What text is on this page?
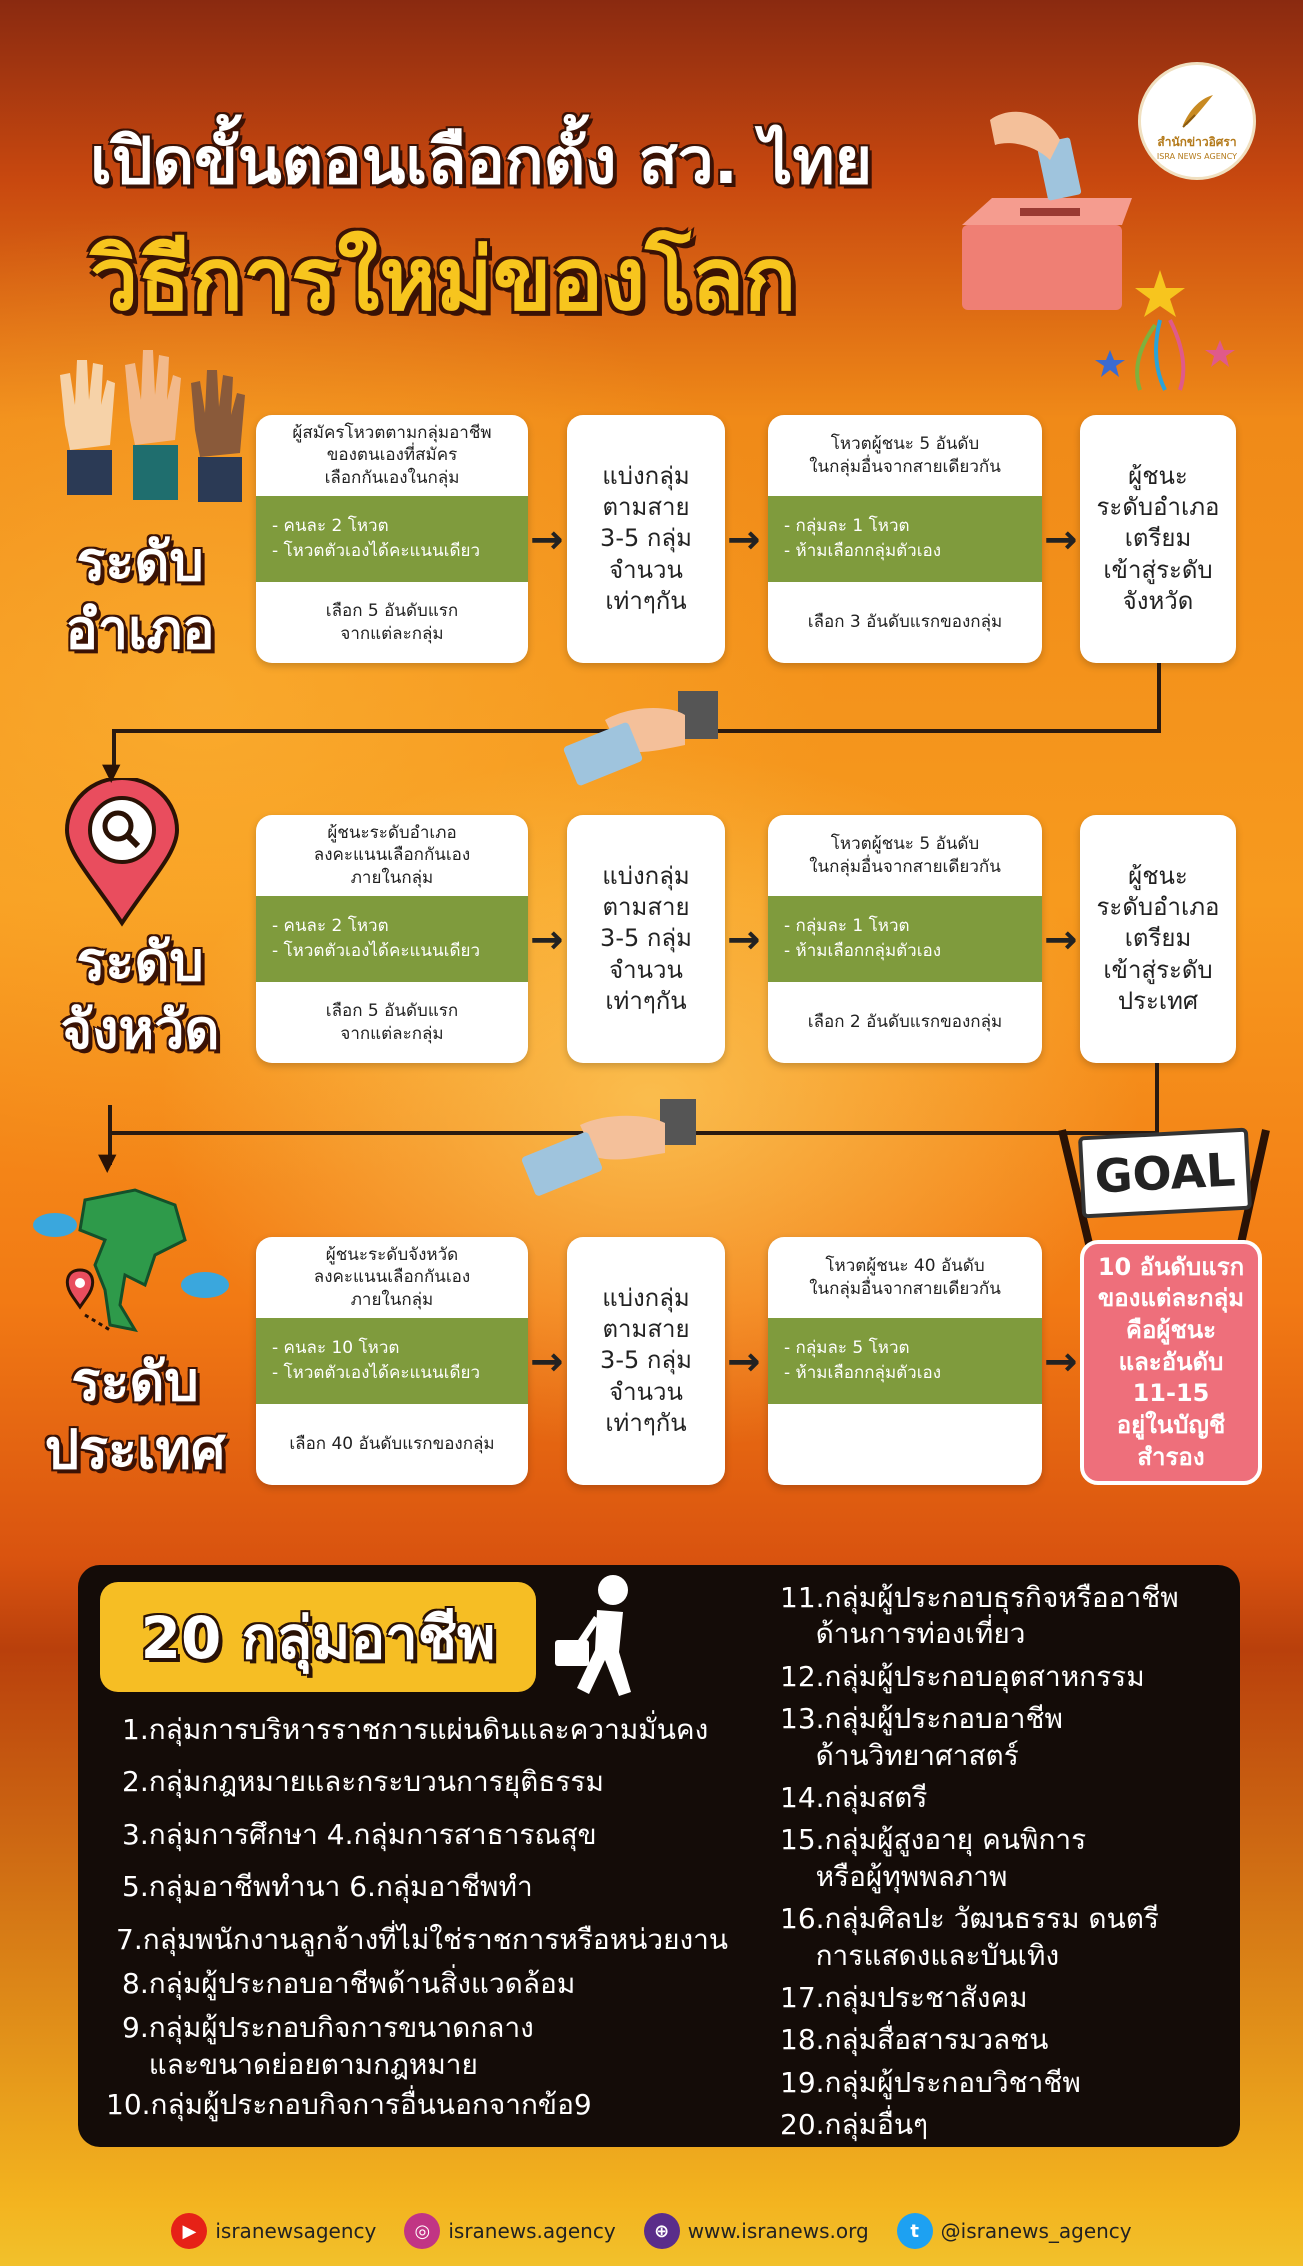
เปิดขั้นตอนเลือกตั้ง สว. ไทย
วิธีการใหม่ของโลก
สำนักข่าวอิศรา
ISRA NEWS AGENCY
ระดับ
อำเภอ
ระดับ
จังหวัด
ระดับ
ประเทศ
ผู้สมัครโหวตตามกลุ่มอาชีพ
ของตนเองที่สมัคร
เลือกกันเองในกลุ่ม
- คนละ 2 โหวต
- โหวตตัวเองได้คะแนนเดียว
เลือก 5 อันดับแรก
จากแต่ละกลุ่ม
→
แบ่งกลุ่ม
ตามสาย
3-5 กลุ่ม
จำนวน
เท่าๆกัน
→
โหวตผู้ชนะ 5 อันดับ
ในกลุ่มอื่นจากสายเดียวกัน
- กลุ่มละ 1 โหวต
- ห้ามเลือกกลุ่มตัวเอง
เลือก 3 อันดับแรกของกลุ่ม
→
ผู้ชนะ
ระดับอำเภอ
เตรียม
เข้าสู่ระดับ
จังหวัด
▼
ผู้ชนะระดับอำเภอ
ลงคะแนนเลือกกันเอง
ภายในกลุ่ม
- คนละ 2 โหวต
- โหวตตัวเองได้คะแนนเดียว
เลือก 5 อันดับแรก
จากแต่ละกลุ่ม
→
แบ่งกลุ่ม
ตามสาย
3-5 กลุ่ม
จำนวน
เท่าๆกัน
→
โหวตผู้ชนะ 5 อันดับ
ในกลุ่มอื่นจากสายเดียวกัน
- กลุ่มละ 1 โหวต
- ห้ามเลือกกลุ่มตัวเอง
เลือก 2 อันดับแรกของกลุ่ม
→
ผู้ชนะ
ระดับอำเภอ
เตรียม
เข้าสู่ระดับ
ประเทศ
▼
ผู้ชนะระดับจังหวัด
ลงคะแนนเลือกกันเอง
ภายในกลุ่ม
- คนละ 10 โหวต
- โหวตตัวเองได้คะแนนเดียว
เลือก 40 อันดับแรกของกลุ่ม
→
แบ่งกลุ่ม
ตามสาย
3-5 กลุ่ม
จำนวน
เท่าๆกัน
→
โหวตผู้ชนะ 40 อันดับ
ในกลุ่มอื่นจากสายเดียวกัน
- กลุ่มละ 5 โหวต
- ห้ามเลือกกลุ่มตัวเอง	→
GOAL
10 อันดับแรก
ของแต่ละกลุ่ม
คือผู้ชนะ
และอันดับ
11-15
อยู่ในบัญชี
สำรอง
20 กลุ่มอาชีพ
1.กลุ่มการบริหารราชการแผ่นดินและความมั่นคง
2.กลุ่มกฎหมายและกระบวนการยุติธรรม
3.กลุ่มการศึกษา 4.กลุ่มการสาธารณสุข
5.กลุ่มอาชีพทำนา 6.กลุ่มอาชีพทำ
7.กลุ่มพนักงานลูกจ้างที่ไม่ใช่ราชการหรือหน่วยงาน
8.กลุ่มผู้ประกอบอาชีพด้านสิ่งแวดล้อม
9.กลุ่มผู้ประกอบกิจการขนาดกลาง
และขนาดย่อยตามกฎหมาย
10.กลุ่มผู้ประกอบกิจการอื่นนอกจากข้อ9
11.กลุ่มผู้ประกอบธุรกิจหรืออาชีพ
ด้านการท่องเที่ยว
12.กลุ่มผู้ประกอบอุตสาหกรรม
13.กลุ่มผู้ประกอบอาชีพ
ด้านวิทยาศาสตร์
14.กลุ่มสตรี
15.กลุ่มผู้สูงอายุ คนพิการ
หรือผู้ทุพพลภาพ
16.กลุ่มศิลปะ วัฒนธรรม ดนตรี
การแสดงและบันเทิง
17.กลุ่มประชาสังคม
18.กลุ่มสื่อสารมวลชน
19.กลุ่มผู้ประกอบวิชาชีพ
20.กลุ่มอื่นๆ
▶ isranewsagency	◎ isranews.agency	⊕ www.isranews.org	t	@isranews_agency
